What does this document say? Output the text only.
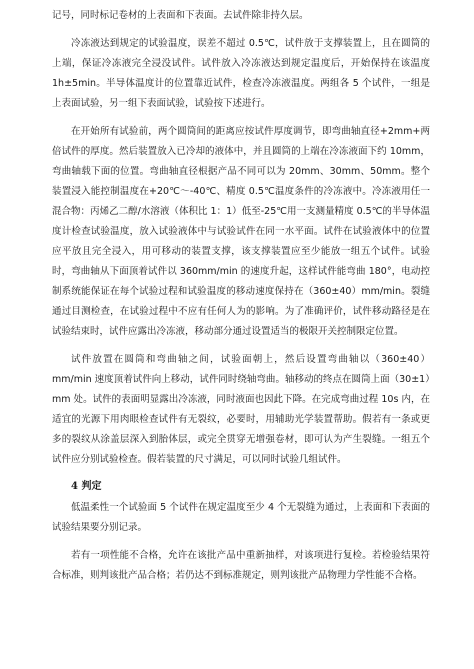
记号，同时标记卷材的上表面和下表面。去试件除非持久层。

冷冻液达到规定的试验温度，误差不超过 0.5℃，试件放于支撑装置上，且在圆筒的上端，保证冷冻液完全浸没试件。试件放入冷冻液达到规定温度后，开始保持在该温度 1h±5min。半导体温度计的位置靠近试件，检查冷冻液温度。两组各 5 个试件，一组是上表面试验，另一组下表面试验，试验按下述进行。

在开始所有试验前，两个圆筒间的距离应按试件厚度调节，即弯曲轴直径+2mm+两倍试件的厚度。然后装置放入已冷却的液体中，并且圆筒的上端在冷冻液面下约 10mm，弯曲轴载下面的位置。弯曲轴直径根据产品不同可以为 20mm、30mm、50mm。整个装置浸入能控制温度在+20℃～-40℃、精度 0.5℃温度条件的冷冻液中。冷冻液用任一混合物：丙烯乙二醇/水溶液（体积比 1：1）低至-25℃用一支测量精度 0.5℃的半导体温度计检查试验温度，放入试验液体中与试验试件在同一水平面。试件在试验液体中的位置应平放且完全浸入，用可移动的装置支撑，该支撑装置应至少能放一组五个试件。试验时，弯曲轴从下面顶着试件以 360mm/min 的速度升起，这样试件能弯曲 180°，电动控制系统能保证在每个试验过程和试验温度的移动速度保持在（360±40）mm/min。裂缝通过目测检查，在试验过程中不应有任何人为的影响。为了准确评价，试件移动路径是在试验结束时，试件应露出冷冻液，移动部分通过设置适当的极限开关控制限定位置。

试件放置在圆筒和弯曲轴之间，试验面朝上，然后设置弯曲轴以（360±40）mm/min 速度顶着试件向上移动，试件同时绕轴弯曲。轴移动的终点在圆筒上面（30±1）mm 处。试件的表面明显露出冷冻液，同时液面也因此下降。在完成弯曲过程 10s 内，在适宜的光源下用肉眼检查试件有无裂纹，必要时，用辅助光学装置帮助。假若有一条或更多的裂纹从涂盖层深入到胎体层，或完全贯穿无增强卷材，即可认为产生裂缝。一组五个试件应分别试验检查。假若装置的尺寸满足，可以同时试验几组试件。

4 判定

低温柔性一个试验面 5 个试件在规定温度至少 4 个无裂缝为通过，上表面和下表面的试验结果要分别记录。

若有一项性能不合格，允许在该批产品中重新抽样，对该项进行复检。若检验结果符合标准，则判该批产品合格；若仍达不到标准规定，则判该批产品物理力学性能不合格。
